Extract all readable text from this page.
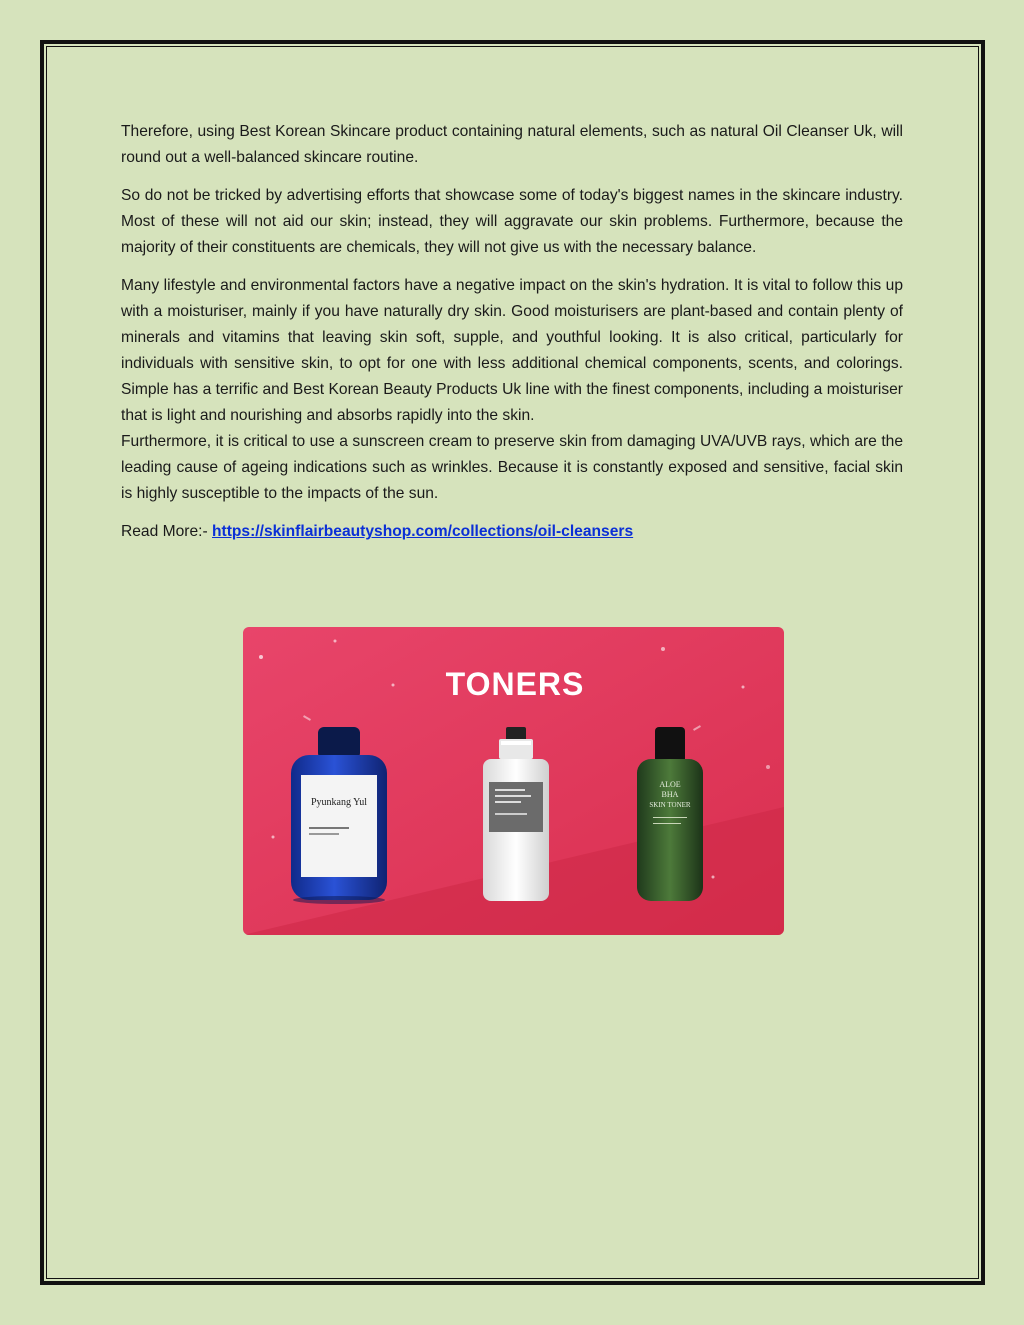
Therefore, using Best Korean Skincare product containing natural elements, such as natural Oil Cleanser Uk, will round out a well-balanced skincare routine.

So do not be tricked by advertising efforts that showcase some of today's biggest names in the skincare industry. Most of these will not aid our skin; instead, they will aggravate our skin problems. Furthermore, because the majority of their constituents are chemicals, they will not give us with the necessary balance.

Many lifestyle and environmental factors have a negative impact on the skin's hydration. It is vital to follow this up with a moisturiser, mainly if you have naturally dry skin. Good moisturisers are plant-based and contain plenty of minerals and vitamins that leaving skin soft, supple, and youthful looking. It is also critical, particularly for individuals with sensitive skin, to opt for one with less additional chemical components, scents, and colorings. Simple has a terrific and Best Korean Beauty Products Uk line with the finest components, including a moisturiser that is light and nourishing and absorbs rapidly into the skin.

Furthermore, it is critical to use a sunscreen cream to preserve skin from damaging UVA/UVB rays, which are the leading cause of ageing indications such as wrinkles. Because it is constantly exposed and sensitive, facial skin is highly susceptible to the impacts of the sun.

Read More:- https://skinflairbeautyshop.com/collections/oil-cleansers

TONERS
Pyunkang Yul
ALOE
BHA
SKIN TONER
